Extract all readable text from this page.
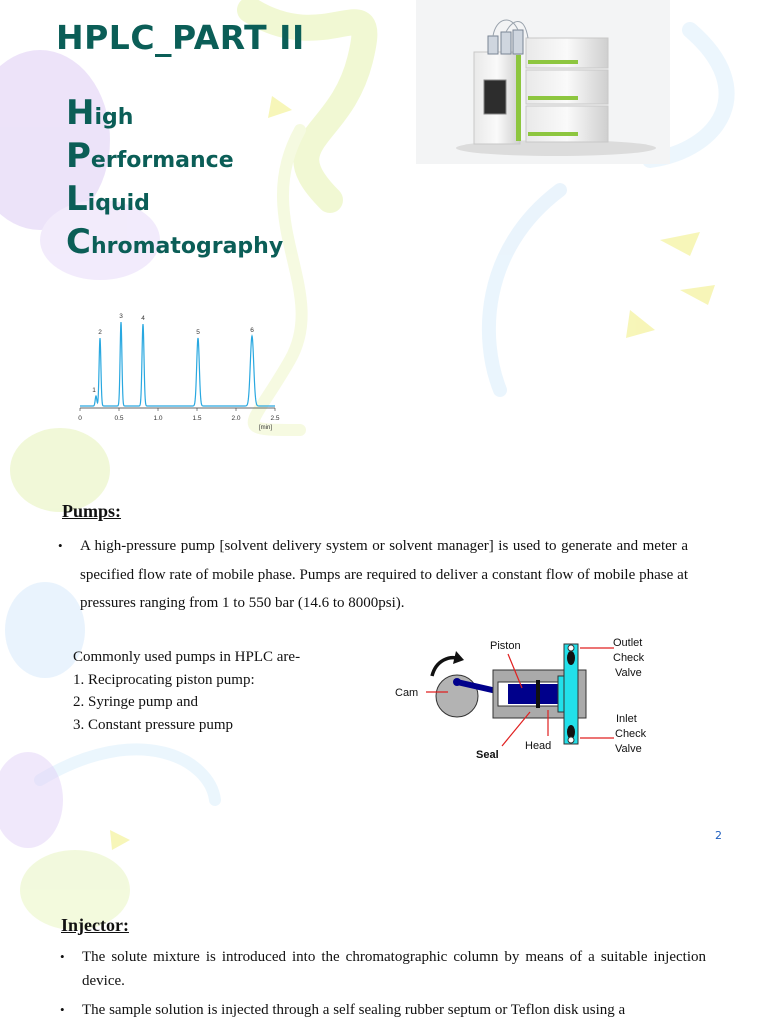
HPLC_PART II
High
Performance
Liquid
Chromatography
0	0.5	1.0	1.5	2.0	2.5
1
2
3	4
5	6
[min]
Pumps:
• A high-pressure pump [solvent delivery system or solvent manager] is used to generate and meter a specified flow rate of mobile phase. Pumps are required to deliver a constant flow of mobile phase at pressures ranging from 1 to 550 bar (14.6 to 8000psi).
Commonly used pumps in HPLC are-
1. Reciprocating piston pump:
2. Syringe pump and
3. Constant pressure pump
Piston	Outlet
Check
Valve
Cam
Inlet
Check
Valve
Seal
Head
2
Injector:
• The solute mixture is introduced into the chromatographic column by means of a suitable injection device.
• The sample solution is injected through a self sealing rubber septum or Teflon disk using a
